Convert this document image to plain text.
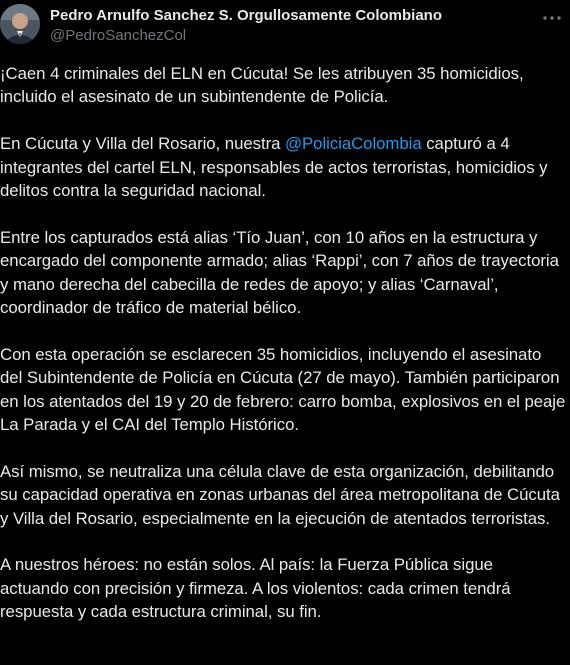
Pedro Arnulfo Sanchez S. Orgullosamente Colombiano
@PedroSanchezCol

¡Caen 4 criminales del ELN en Cúcuta! Se les atribuyen 35 homicidios, incluido el asesinato de un subintendente de Policía.

En Cúcuta y Villa del Rosario, nuestra @PoliciaColombia capturó a 4 integrantes del cartel ELN, responsables de actos terroristas, homicidios y delitos contra la seguridad nacional.

Entre los capturados está alias ‘Tío Juan’, con 10 años en la estructura y encargado del componente armado; alias ‘Rappi’, con 7 años de trayectoria y mano derecha del cabecilla de redes de apoyo; y alias ‘Carnaval’, coordinador de tráfico de material bélico.

Con esta operación se esclarecen 35 homicidios, incluyendo el asesinato del Subintendente de Policía en Cúcuta (27 de mayo). También participaron en los atentados del 19 y 20 de febrero: carro bomba, explosivos en el peaje La Parada y el CAI del Templo Histórico.

Así mismo, se neutraliza una célula clave de esta organización, debilitando su capacidad operativa en zonas urbanas del área metropolitana de Cúcuta y Villa del Rosario, especialmente en la ejecución de atentados terroristas.

A nuestros héroes: no están solos. Al país: la Fuerza Pública sigue actuando con precisión y firmeza. A los violentos: cada crimen tendrá respuesta y cada estructura criminal, su fin.
